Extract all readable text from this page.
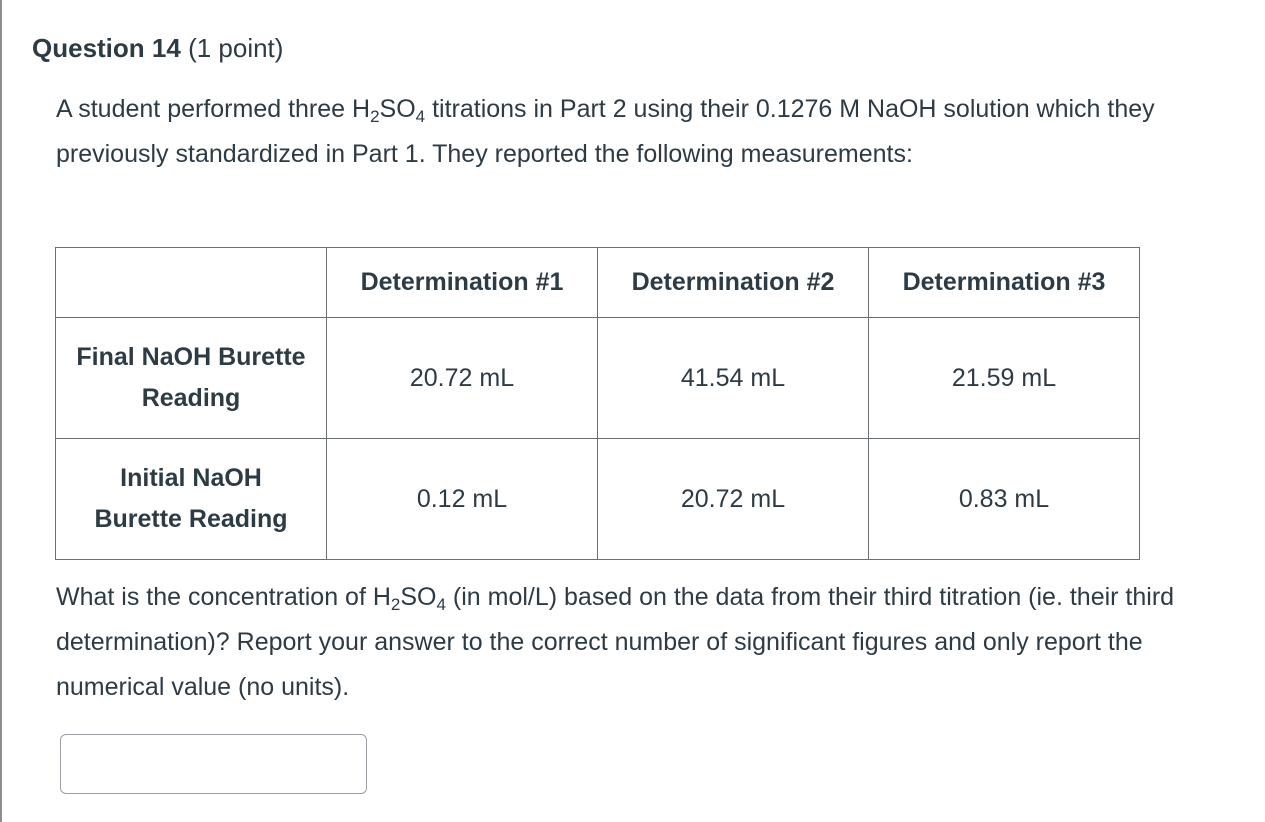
Question 14 (1 point)
A student performed three $H_2SO_4$ titrations in Part 2 using their 0.1276 M NaOH solution which they previously standardized in Part 1. They reported the following measurements:
	Determination #1	Determination #2	Determination #3
Final NaOH Burette
Reading	20.72 mL	41.54 mL	21.59 mL
Initial NaOH
Burette Reading	0.12 mL	20.72 mL	0.83 mL
What is the concentration of $H_2SO_4$ (in mol/L) based on the data from their third titration (ie. their third determination)? Report your answer to the correct number of significant figures and only report the numerical value (no units).
